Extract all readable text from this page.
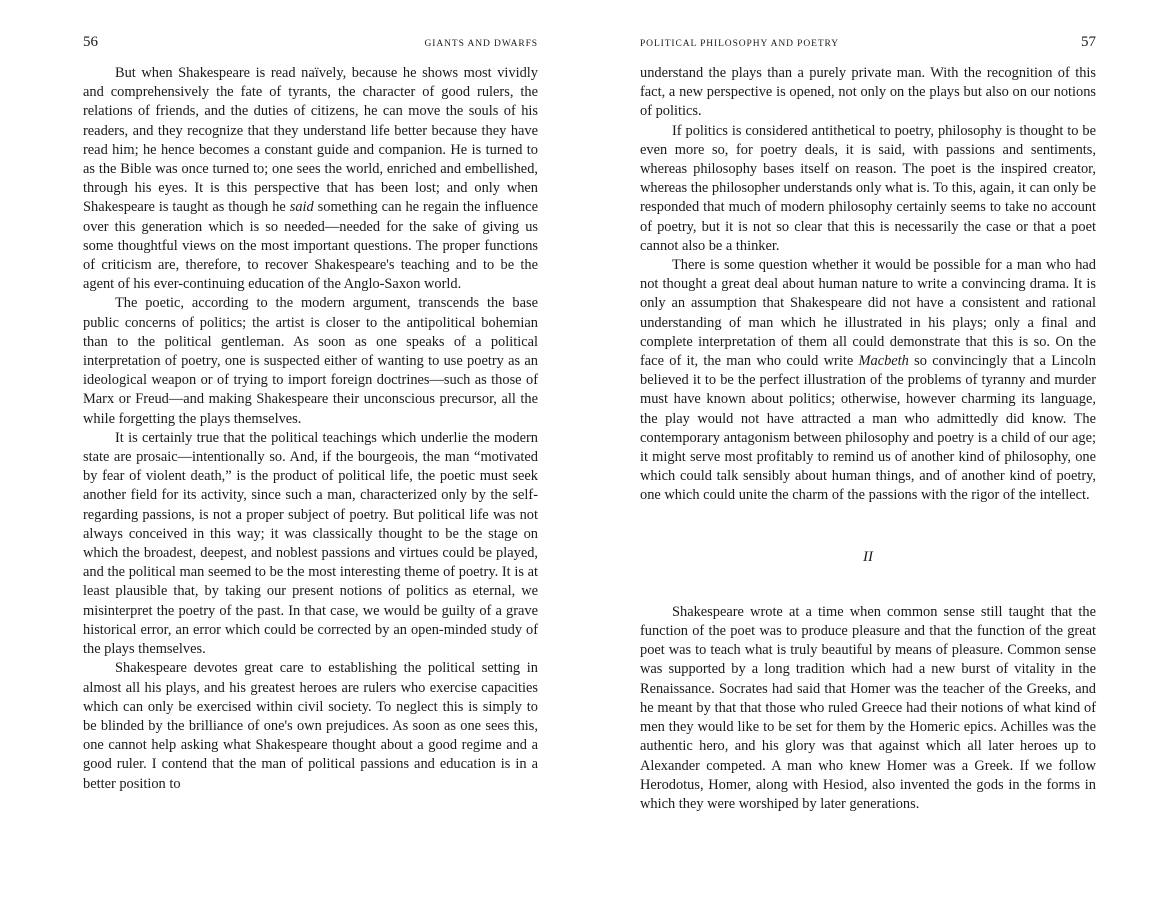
56	GIANTS AND DWARFS

But when Shakespeare is read naïvely, because he shows most vividly and comprehensively the fate of tyrants, the character of good rulers, the relations of friends, and the duties of citizens, he can move the souls of his readers, and they recognize that they understand life better because they have read him; he hence becomes a constant guide and companion. He is turned to as the Bible was once turned to; one sees the world, enriched and embellished, through his eyes. It is this perspective that has been lost; and only when Shakespeare is taught as though he said something can he regain the influence over this generation which is so needed—needed for the sake of giving us some thoughtful views on the most important questions. The proper functions of criticism are, therefore, to recover Shakespeare's teaching and to be the agent of his ever-continuing education of the Anglo-Saxon world.

The poetic, according to the modern argument, transcends the base public concerns of politics; the artist is closer to the antipolitical bohemian than to the political gentleman. As soon as one speaks of a political interpretation of poetry, one is suspected either of wanting to use poetry as an ideological weapon or of trying to import foreign doctrines—such as those of Marx or Freud—and making Shakespeare their unconscious precursor, all the while forgetting the plays themselves.

It is certainly true that the political teachings which underlie the modern state are prosaic—intentionally so. And, if the bourgeois, the man “motivated by fear of violent death,” is the product of political life, the poetic must seek another field for its activity, since such a man, characterized only by the self-regarding passions, is not a proper subject of poetry. But political life was not always conceived in this way; it was classically thought to be the stage on which the broadest, deepest, and noblest passions and virtues could be played, and the political man seemed to be the most interesting theme of poetry. It is at least plausible that, by taking our present notions of politics as eternal, we misinterpret the poetry of the past. In that case, we would be guilty of a grave historical error, an error which could be corrected by an open-minded study of the plays themselves.

Shakespeare devotes great care to establishing the political setting in almost all his plays, and his greatest heroes are rulers who exercise capacities which can only be exercised within civil society. To neglect this is simply to be blinded by the brilliance of one's own prejudices. As soon as one sees this, one cannot help asking what Shakespeare thought about a good regime and a good ruler. I contend that the man of political passions and education is in a better position to

POLITICAL PHILOSOPHY AND POETRY	57

understand the plays than a purely private man. With the recognition of this fact, a new perspective is opened, not only on the plays but also on our notions of politics.

If politics is considered antithetical to poetry, philosophy is thought to be even more so, for poetry deals, it is said, with passions and sentiments, whereas philosophy bases itself on reason. The poet is the inspired creator, whereas the philosopher understands only what is. To this, again, it can only be responded that much of modern philosophy certainly seems to take no account of poetry, but it is not so clear that this is necessarily the case or that a poet cannot also be a thinker.

There is some question whether it would be possible for a man who had not thought a great deal about human nature to write a convincing drama. It is only an assumption that Shakespeare did not have a consistent and rational understanding of man which he illustrated in his plays; only a final and complete interpretation of them all could demonstrate that this is so. On the face of it, the man who could write Macbeth so convincingly that a Lincoln believed it to be the perfect illustration of the problems of tyranny and murder must have known about politics; otherwise, however charming its language, the play would not have attracted a man who admittedly did know. The contemporary antagonism between philosophy and poetry is a child of our age; it might serve most profitably to remind us of another kind of philosophy, one which could talk sensibly about human things, and of another kind of poetry, one which could unite the charm of the passions with the rigor of the intellect.

II

Shakespeare wrote at a time when common sense still taught that the function of the poet was to produce pleasure and that the function of the great poet was to teach what is truly beautiful by means of pleasure. Common sense was supported by a long tradition which had a new burst of vitality in the Renaissance. Socrates had said that Homer was the teacher of the Greeks, and he meant by that that those who ruled Greece had their notions of what kind of men they would like to be set for them by the Homeric epics. Achilles was the authentic hero, and his glory was that against which all later heroes up to Alexander competed. A man who knew Homer was a Greek. If we follow Herodotus, Homer, along with Hesiod, also invented the gods in the forms in which they were worshiped by later generations.
